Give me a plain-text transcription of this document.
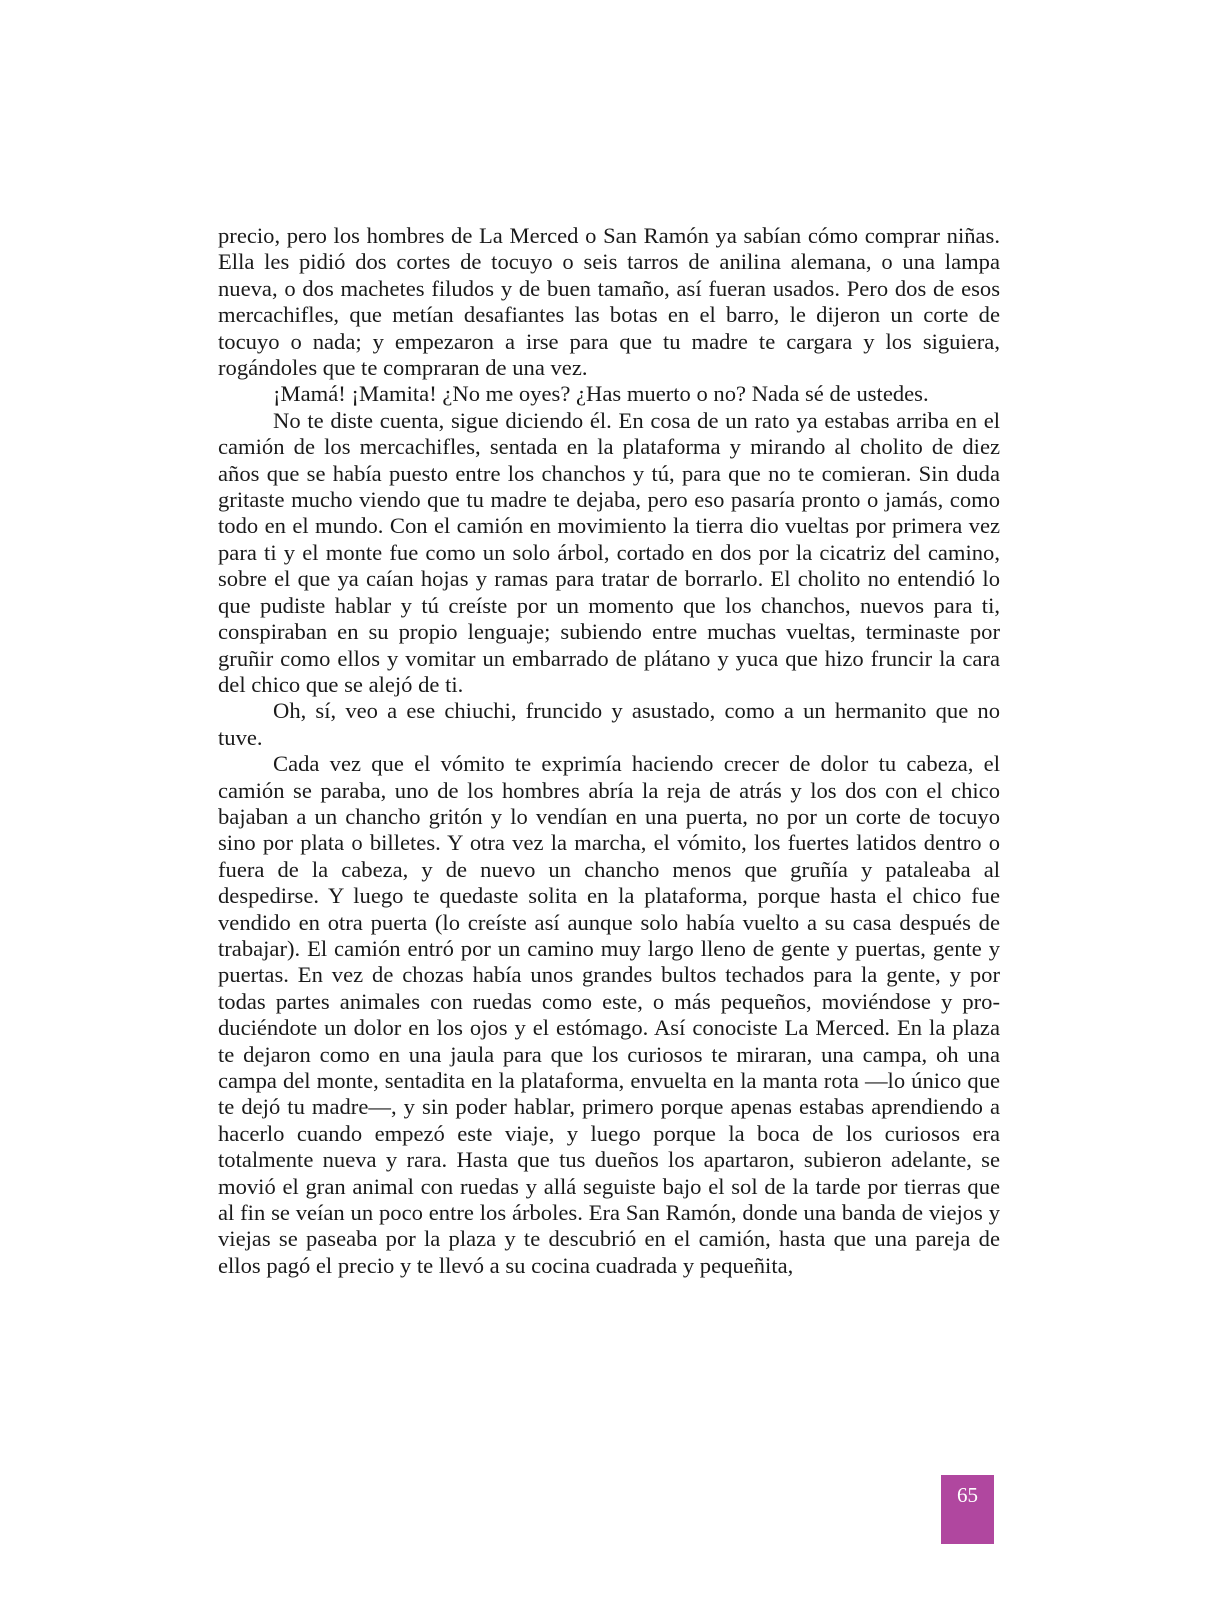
precio, pero los hombres de La Merced o San Ramón ya sabían cómo comprar niñas. Ella les pidió dos cortes de tocuyo o seis tarros de anilina alemana, o una lampa nueva, o dos machetes filudos y de buen tamaño, así fueran usados. Pero dos de esos mercachifles, que metían desafiantes las botas en el barro, le dijeron un corte de tocuyo o nada; y empezaron a irse para que tu madre te cargara y los siguiera, rogándoles que te compraran de una vez.

¡Mamá! ¡Mamita! ¿No me oyes? ¿Has muerto o no? Nada sé de ustedes.

No te diste cuenta, sigue diciendo él. En cosa de un rato ya estabas arriba en el camión de los mercachifles, sentada en la plataforma y mirando al cholito de diez años que se había puesto entre los chanchos y tú, para que no te comieran. Sin duda gritaste mucho viendo que tu madre te dejaba, pero eso pasaría pronto o jamás, como todo en el mundo. Con el camión en movimiento la tierra dio vueltas por primera vez para ti y el monte fue como un solo árbol, cortado en dos por la cicatriz del camino, sobre el que ya caían hojas y ramas para tratar de borrarlo. El cholito no entendió lo que pudiste hablar y tú creíste por un momento que los chanchos, nuevos para ti, conspiraban en su propio lenguaje; subiendo entre muchas vueltas, terminaste por gruñir como ellos y vomitar un embarrado de plátano y yuca que hizo fruncir la cara del chico que se alejó de ti.

Oh, sí, veo a ese chiuchi, fruncido y asustado, como a un hermanito que no tuve.

Cada vez que el vómito te exprimía haciendo crecer de dolor tu cabeza, el camión se paraba, uno de los hombres abría la reja de atrás y los dos con el chico bajaban a un chancho gritón y lo vendían en una puerta, no por un corte de tocuyo sino por plata o billetes. Y otra vez la marcha, el vómito, los fuertes latidos dentro o fuera de la cabeza, y de nuevo un chancho menos que gruñía y pataleaba al despedirse. Y luego te quedaste solita en la plataforma, porque hasta el chico fue vendido en otra puerta (lo creíste así aunque solo había vuelto a su casa después de trabajar). El camión entró por un camino muy largo lleno de gente y puertas, gente y puertas. En vez de chozas había unos grandes bultos techados para la gente, y por todas partes animales con ruedas como este, o más pequeños, moviéndose y produciéndote un dolor en los ojos y el estómago. Así conociste La Merced. En la plaza te dejaron como en una jaula para que los curiosos te miraran, una campa, oh una campa del monte, sentadita en la plataforma, envuelta en la manta rota —lo único que te dejó tu madre—, y sin poder hablar, primero porque apenas estabas aprendiendo a hacerlo cuando empezó este viaje, y luego porque la boca de los curiosos era totalmente nueva y rara. Hasta que tus dueños los apartaron, subieron adelante, se movió el gran animal con ruedas y allá seguiste bajo el sol de la tarde por tierras que al fin se veían un poco entre los árboles. Era San Ramón, donde una banda de viejos y viejas se paseaba por la plaza y te descubrió en el camión, hasta que una pareja de ellos pagó el precio y te llevó a su cocina cuadrada y pequeñita,

65
